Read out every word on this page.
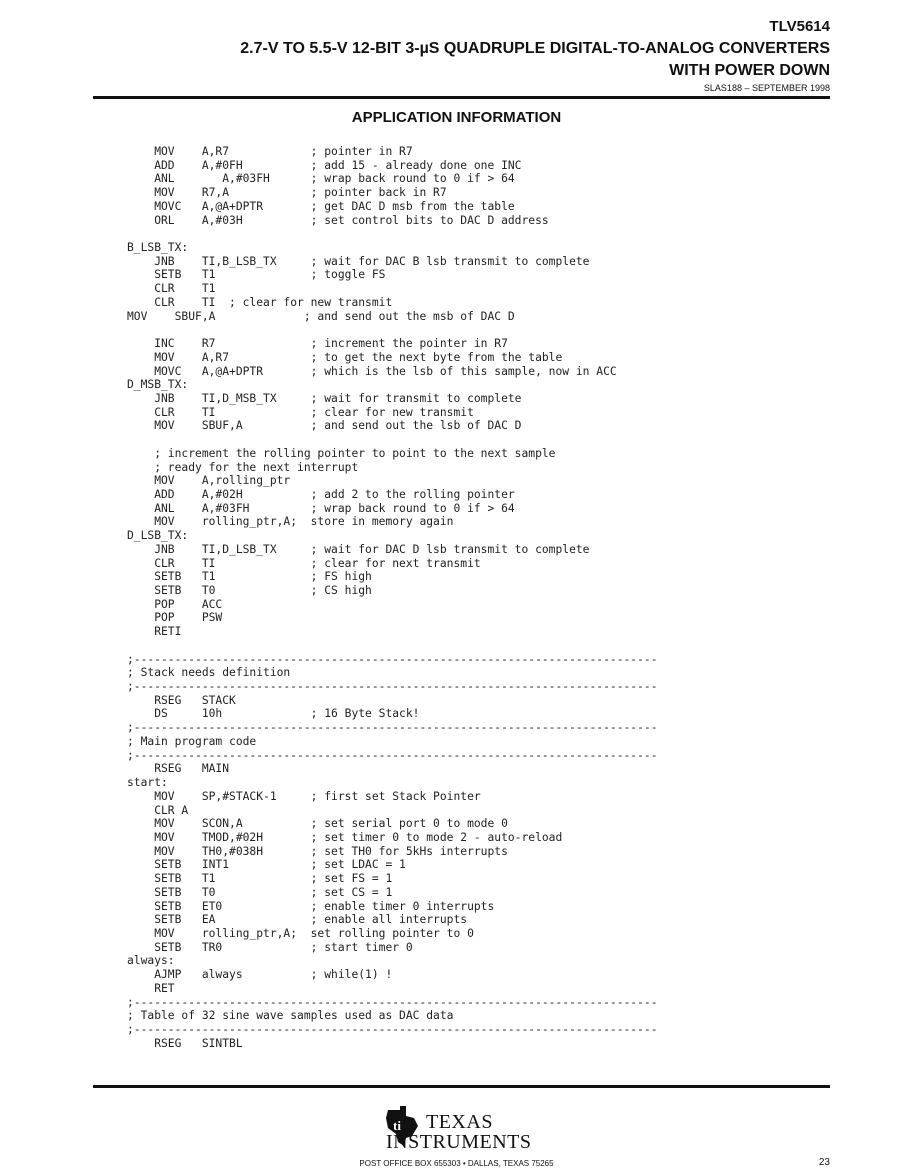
TLV5614
2.7-V TO 5.5-V 12-BIT 3-µS QUADRUPLE DIGITAL-TO-ANALOG CONVERTERS
WITH POWER DOWN
SLAS188 – SEPTEMBER 1998
APPLICATION INFORMATION
MOV    A,R7            ; pointer in R7
ADD    A,#0FH          ; add 15 - already done one INC
ANL       A,#03FH      ; wrap back round to 0 if > 64
MOV    R7,A            ; pointer back in R7
MOVC   A,@A+DPTR       ; get DAC D msb from the table
ORL    A,#03H          ; set control bits to DAC D address

B_LSB_TX:
JNB    TI,B_LSB_TX     ; wait for DAC B lsb transmit to complete
SETB   T1              ; toggle FS
CLR    T1
CLR    TI  ; clear for new transmit
MOV    SBUF,A             ; and send out the msb of DAC D

INC    R7              ; increment the pointer in R7
MOV    A,R7            ; to get the next byte from the table
MOVC   A,@A+DPTR       ; which is the lsb of this sample, now in ACC
D_MSB_TX:
JNB    TI,D_MSB_TX     ; wait for transmit to complete
CLR    TI              ; clear for new transmit
MOV    SBUF,A          ; and send out the lsb of DAC D

; increment the rolling pointer to point to the next sample
; ready for the next interrupt
MOV    A,rolling_ptr
ADD    A,#02H          ; add 2 to the rolling pointer
ANL    A,#03FH         ; wrap back round to 0 if > 64
MOV    rolling_ptr,A;  store in memory again
D_LSB_TX:
JNB    TI,D_LSB_TX     ; wait for DAC D lsb transmit to complete
CLR    TI              ; clear for next transmit
SETB   T1              ; FS high
SETB   T0              ; CS high
POP    ACC
POP    PSW
RETI

;-----------------------------------------------------------------------------
; Stack needs definition
;-----------------------------------------------------------------------------
RSEG   STACK
DS     10h             ; 16 Byte Stack!
;-----------------------------------------------------------------------------
; Main program code
;-----------------------------------------------------------------------------
RSEG   MAIN
start:
MOV    SP,#STACK-1     ; first set Stack Pointer
CLR A
MOV    SCON,A          ; set serial port 0 to mode 0
MOV    TMOD,#02H       ; set timer 0 to mode 2 - auto-reload
MOV    TH0,#038H       ; set TH0 for 5kHs interrupts
SETB   INT1            ; set LDAC = 1
SETB   T1              ; set FS = 1
SETB   T0              ; set CS = 1
SETB   ET0             ; enable timer 0 interrupts
SETB   EA              ; enable all interrupts
MOV    rolling_ptr,A;  set rolling pointer to 0
SETB   TR0             ; start timer 0
always:
AJMP   always          ; while(1) !
RET
;-----------------------------------------------------------------------------
; Table of 32 sine wave samples used as DAC data
;-----------------------------------------------------------------------------
RSEG   SINTBL
ti TEXAS
INSTRUMENTS
POST OFFICE BOX 655303 • DALLAS, TEXAS 75265	23
